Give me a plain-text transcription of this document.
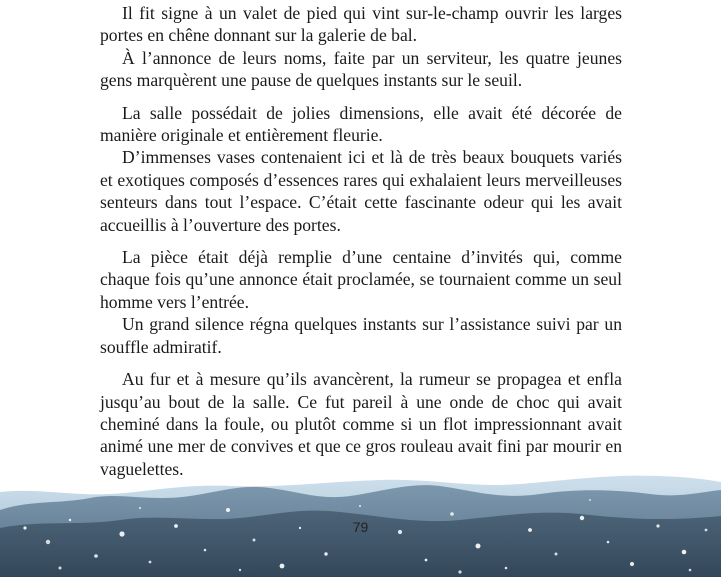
Il fit signe à un valet de pied qui vint sur-le-champ ouvrir les larges portes en chêne donnant sur la galerie de bal.

À l’annonce de leurs noms, faite par un serviteur, les quatre jeunes gens marquèrent une pause de quelques instants sur le seuil.

La salle possédait de jolies dimensions, elle avait été décorée de manière originale et entièrement fleurie.

D’immenses vases contenaient ici et là de très beaux bouquets variés et exotiques composés d’essences rares qui exhalaient leurs merveilleuses senteurs dans tout l’espace. C’était cette fascinante odeur qui les avait accueillis à l’ouverture des portes.

La pièce était déjà remplie d’une centaine d’invités qui, comme chaque fois qu’une annonce était proclamée, se tournaient comme un seul homme vers l’entrée.

Un grand silence régna quelques instants sur l’assistance suivi par un souffle admiratif.

Au fur et à mesure qu’ils avancèrent, la rumeur se propagea et enfla jusqu’au bout de la salle. Ce fut pareil à une onde de choc qui avait cheminé dans la foule, ou plutôt comme si un flot impressionnant avait animé une mer de convives et que ce gros rouleau avait fini par mourir en vaguelettes.

79
